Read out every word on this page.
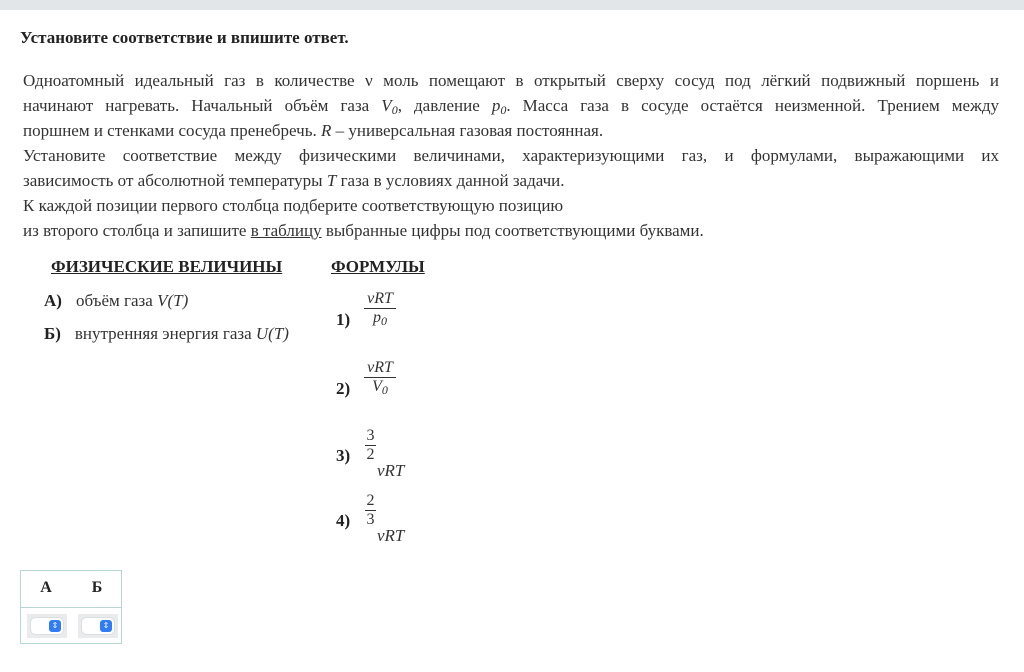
Установите соответствие и впишите ответ.
Одноатомный идеальный газ в количестве ν моль помещают в открытый сверху сосуд под лёгкий подвижный поршень и
начинают нагревать. Начальный объём газа $V_0$, давление $p_0$. Масса газа в сосуде остаётся неизменной. Трением между
поршнем и стенками сосуда пренебречь. R – универсальная газовая постоянная.
Установите соответствие между физическими величинами, характеризующими газ, и формулами, выражающими их
зависимость от абсолютной температуры T газа в условиях данной задачи.
К каждой позиции первого столбца подберите соответствующую позицию
из второго столбца и запишите в таблицу выбранные цифры под соответствующими буквами.
ФИЗИЧЕСКИЕ ВЕЛИЧИНЫ	ФОРМУЛЫ
А) объём газа V(T)
Б) внутренняя энергия газа U(T)
1)
νRT
$p_0$
2)
νRT
$V_0$
3)
3
2
νRT
4)
2
3
νRT
А	Б
⇕	⇕
